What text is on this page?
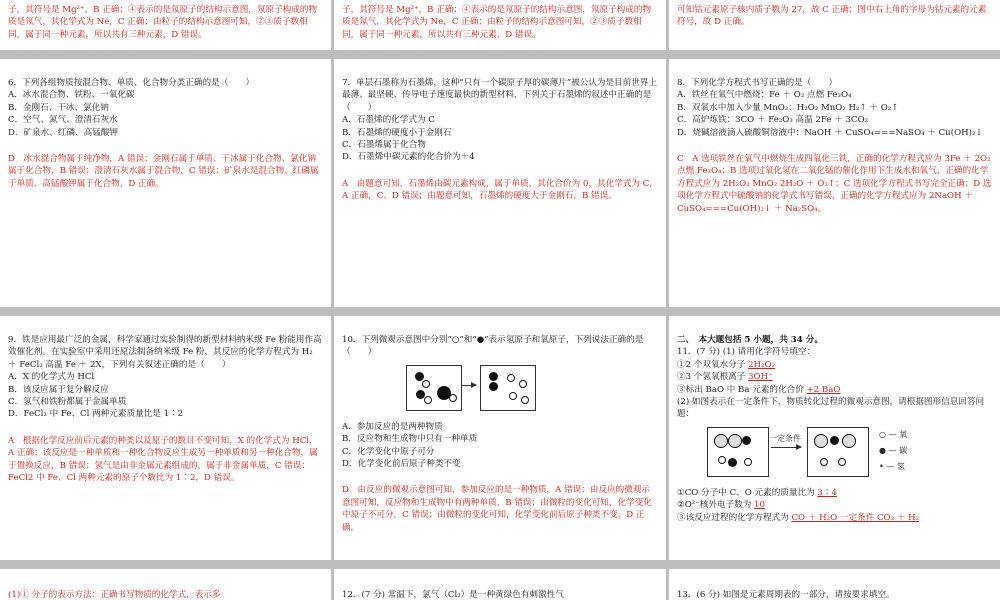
子，其符号是 Mg²⁺，B 正确；④表示的是氖原子的结构示意图，氖原子构成的物质是氖气，其化学式为 Ne，C 正确；由粒子的结构示意图可知，②③质子数相同，属于同一种元素，所以共有三种元素，D 错误。

子，其符号是 Mg²⁺，B 正确；④表示的是氖原子的结构示意图，氖原子构成的物质是氖气，其化学式为 Ne，C 正确；由粒子的结构示意图可知，②③质子数相同，属于同一种元素，所以共有三种元素，D 错误。

可知钴元素原子核内质子数为 27，故 C 正确；图中右上角的字母为钴元素的元素符号，故 D 正确。

6．下列各组物质按混合物、单质、化合物分类正确的是（　　）

A．冰水混合物、铁粉、一氧化碳

B．金刚石、干冰、氯化钠

C．空气、氮气、澄清石灰水

D．矿泉水、红磷、高锰酸钾

D　冰水混合物属于纯净物，A 错误；金刚石属于单质、干冰属于化合物、氯化钠属于化合物，B 错误；澄清石灰水属于混合物，C 错误；矿泉水是混合物、红磷属于单质、高锰酸钾属于化合物，D 正确。

7．单层石墨称为石墨烯，这种“只有一个碳原子厚的碳薄片”被公认为是目前世界上最薄、最坚硬、传导电子速度最快的新型材料，下列关于石墨烯的叙述中正确的是（　　）

A．石墨烯的化学式为 C

B．石墨烯的硬度小于金刚石

C．石墨烯属于化合物

D．石墨烯中碳元素的化合价为＋4

A　由题意可知，石墨烯由碳元素构成，属于单质，其化合价为 0，其化学式为 C，A 正确，C、D 错误；由题意可知，石墨烯的硬度大于金刚石，B 错误。

8．下列化学方程式书写正确的是（　　）

A．铁丝在氧气中燃烧：Fe ＋ O₂ 点燃 Fe₃O₄

B．双氧水中加入少量 MnO₂：H₂O₂ MnO₂ H₂↑ ＋ O₂↑

C．高炉炼铁：3CO ＋ Fe₂O₃ 高温 2Fe ＋ 3CO₂

D．烧碱溶液滴入硫酸铜溶液中：NaOH ＋ CuSO₄===NaSO₄ ＋ Cu(OH)₂↓

C　A 选项铁丝在氧气中燃烧生成四氧化三铁，正确的化学方程式应为 3Fe ＋ 2O₂ 点燃 Fe₃O₄；B 选项过氧化氢在二氧化锰的催化作用下生成水和氧气，正确的化学方程式应为 2H₂O₂ MnO₂ 2H₂O ＋ O₂↑；C 选项化学方程式书写完全正确；D 选项化学方程式中硫酸钠的化学式书写错误，正确的化学方程式应为 2NaOH ＋ CuSO₄===Cu(OH)₂↓ ＋ Na₂SO₄。

9．铁是应用最广泛的金属，科学家通过实验制得的新型材料纳米级 Fe 粉能用作高效催化剂。在实验室中采用还原法制备纳米级 Fe 粉，其反应的化学方程式为 H₂ ＋ FeCl₂ 高温 Fe ＋ 2X，下列有关叙述正确的是（　　）

A．X 的化学式为 HCl

B．该反应属于复分解反应

C．氢气和铁粉都属于金属单质

D．FeCl₂ 中 Fe、Cl 两种元素质量比是 1∶2

A　根据化学反应前后元素的种类以及原子的数目不变可知，X 的化学式为 HCl，A 正确；该反应是一种单质和一种化合物反应生成另一种单质和另一种化合物，属于置换反应，B 错误；氢气是由非金属元素组成的，属于非金属单质，C 错误；FeCl2 中 Fe、Cl 两种元素的原子个数比为 1∶2，D 错误。

10．下列微观示意图中分别“○”和“●”表示氢原子和氧原子，下列说法正确的是（　　）

A．参加反应的是两种物质

B．反应物和生成物中只有一种单质

C．化学变化中原子可分

D．化学变化前后原子种类不变

D　由反应的微观示意图可知，参加反应的是一种物质，A 错误；由反应的微观示意图可知，反应物和生成物中有两种单质，B 错误；由微粒的变化可知，化学变化中原子不可分，C 错误；由微粒的变化可知，化学变化前后原子种类不变，D 正确。

二、　本大题包括 5 小题，共 34 分。

11．(7 分) (1) 请用化学符号填空：

①2 个双氧水分子 2H₂O₂

②3 个氢氧根离子 3OH⁻

③标出 BaO 中 Ba 元素的化合价 +2 BaO

(2) 如图表示在一定条件下，物质转化过程的微观示意图，请根据图形信息回答问题：

一定条件	○ — 氧
● — 碳
• — 氢

①CO 分子中 C、O 元素的质量比为 3∶4

②O²⁻核外电子数为 10

③该反应过程的化学方程式为 CO ＋ H₂O 一定条件 CO₂ ＋ H₂

(1)① 分子的表示方法：正确书写物质的化学式，表示多	12．(7 分) 常温下，氯气（Cl₂）是一种黄绿色有刺激性气	13．(6 分) 如图是元素周期表的一部分，请按要求填空。
